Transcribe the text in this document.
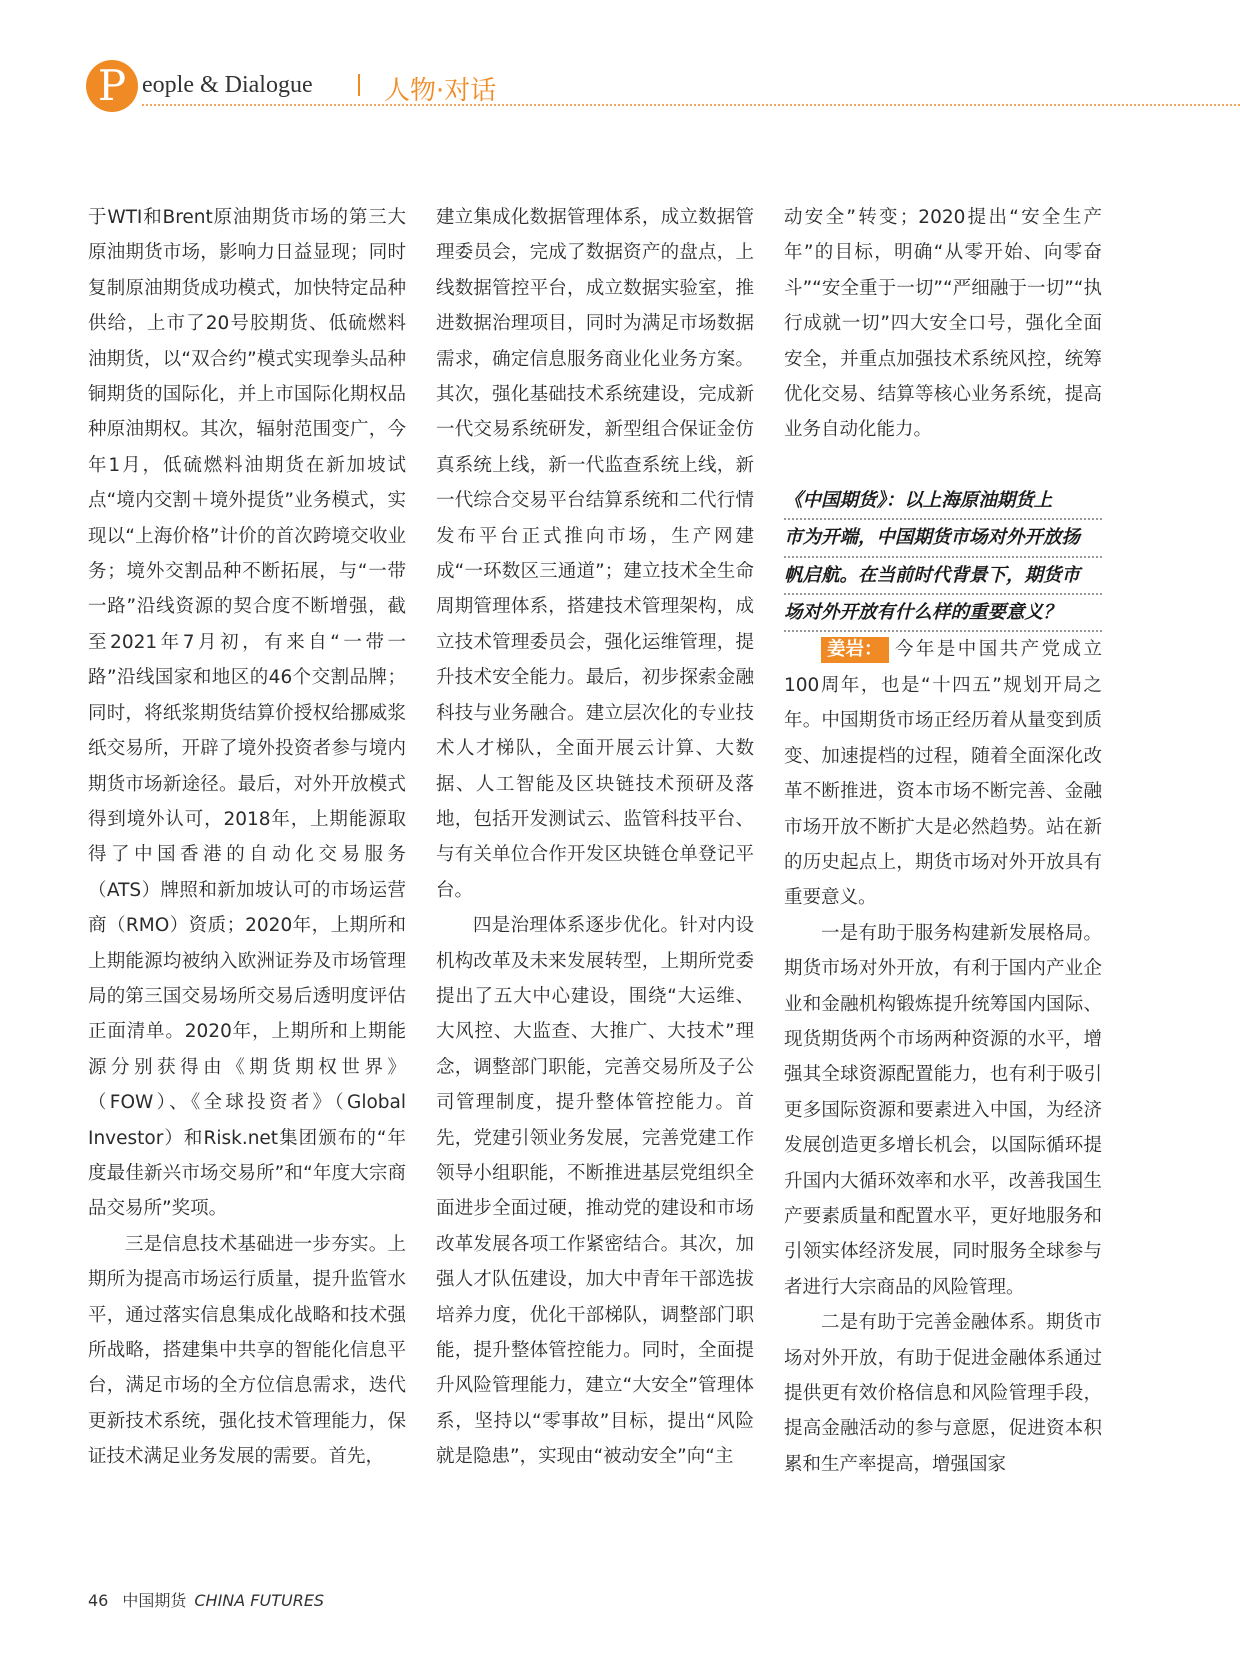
P eople & Dialogue	人物·对话

于WTI和Brent原油期货市场的第三大原油期货市场，影响力日益显现；同时复制原油期货成功模式，加快特定品种供给，上市了20号胶期货、低硫燃料油期货，以“双合约”模式实现拳头品种铜期货的国际化，并上市国际化期权品种原油期权。其次，辐射范围变广，今年1月，低硫燃料油期货在新加坡试点“境内交割＋境外提货”业务模式，实现以“上海价格”计价的首次跨境交收业务；境外交割品种不断拓展，与“一带一路”沿线资源的契合度不断增强，截至2021年7月初，有来自“一带一路”沿线国家和地区的46个交割品牌；同时，将纸浆期货结算价授权给挪威浆纸交易所，开辟了境外投资者参与境内期货市场新途径。最后，对外开放模式得到境外认可，2018年，上期能源取得了中国香港的自动化交易服务（ATS）牌照和新加坡认可的市场运营商（RMO）资质；2020年，上期所和上期能源均被纳入欧洲证券及市场管理局的第三国交易场所交易后透明度评估正面清单。2020年，上期所和上期能源分别获得由《期货期权世界》（FOW）、《全球投资者》（Global Investor）和Risk.net集团颁布的“年度最佳新兴市场交易所”和“年度大宗商品交易所”奖项。

三是信息技术基础进一步夯实。上期所为提高市场运行质量，提升监管水平，通过落实信息集成化战略和技术强所战略，搭建集中共享的智能化信息平台，满足市场的全方位信息需求，迭代更新技术系统，强化技术管理能力，保证技术满足业务发展的需要。首先，

建立集成化数据管理体系，成立数据管理委员会，完成了数据资产的盘点，上线数据管控平台，成立数据实验室，推进数据治理项目，同时为满足市场数据需求，确定信息服务商业化业务方案。其次，强化基础技术系统建设，完成新一代交易系统研发，新型组合保证金仿真系统上线，新一代监查系统上线，新一代综合交易平台结算系统和二代行情发布平台正式推向市场，生产网建成“一环数区三通道”；建立技术全生命周期管理体系，搭建技术管理架构，成立技术管理委员会，强化运维管理，提升技术安全能力。最后，初步探索金融科技与业务融合。建立层次化的专业技术人才梯队，全面开展云计算、大数据、人工智能及区块链技术预研及落地，包括开发测试云、监管科技平台、与有关单位合作开发区块链仓单登记平台。

四是治理体系逐步优化。针对内设机构改革及未来发展转型，上期所党委提出了五大中心建设，围绕“大运维、大风控、大监查、大推广、大技术”理念，调整部门职能，完善交易所及子公司管理制度，提升整体管控能力。首先，党建引领业务发展，完善党建工作领导小组职能，不断推进基层党组织全面进步全面过硬，推动党的建设和市场改革发展各项工作紧密结合。其次，加强人才队伍建设，加大中青年干部选拔培养力度，优化干部梯队，调整部门职能，提升整体管控能力。同时，全面提升风险管理能力，建立“大安全”管理体系，坚持以“零事故”目标，提出“风险就是隐患”，实现由“被动安全”向“主

动安全”转变；2020提出“安全生产年”的目标，明确“从零开始、向零奋斗”“安全重于一切”“严细融于一切”“执行成就一切”四大安全口号，强化全面安全，并重点加强技术系统风控，统筹优化交易、结算等核心业务系统，提高业务自动化能力。

《中国期货》：以上海原油期货上
市为开端，中国期货市场对外开放扬
帆启航。在当前时代背景下，期货市
场对外开放有什么样的重要意义？

姜岩： 今年是中国共产党成立100周年，也是“十四五”规划开局之年。中国期货市场正经历着从量变到质变、加速提档的过程，随着全面深化改革不断推进，资本市场不断完善、金融市场开放不断扩大是必然趋势。站在新的历史起点上，期货市场对外开放具有重要意义。

一是有助于服务构建新发展格局。期货市场对外开放，有利于国内产业企业和金融机构锻炼提升统筹国内国际、现货期货两个市场两种资源的水平，增强其全球资源配置能力，也有利于吸引更多国际资源和要素进入中国，为经济发展创造更多增长机会，以国际循环提升国内大循环效率和水平，改善我国生产要素质量和配置水平，更好地服务和引领实体经济发展，同时服务全球参与者进行大宗商品的风险管理。

二是有助于完善金融体系。期货市场对外开放，有助于促进金融体系通过提供更有效价格信息和风险管理手段，提高金融活动的参与意愿，促进资本积累和生产率提高，增强国家

46 中国期货 CHINA FUTURES
